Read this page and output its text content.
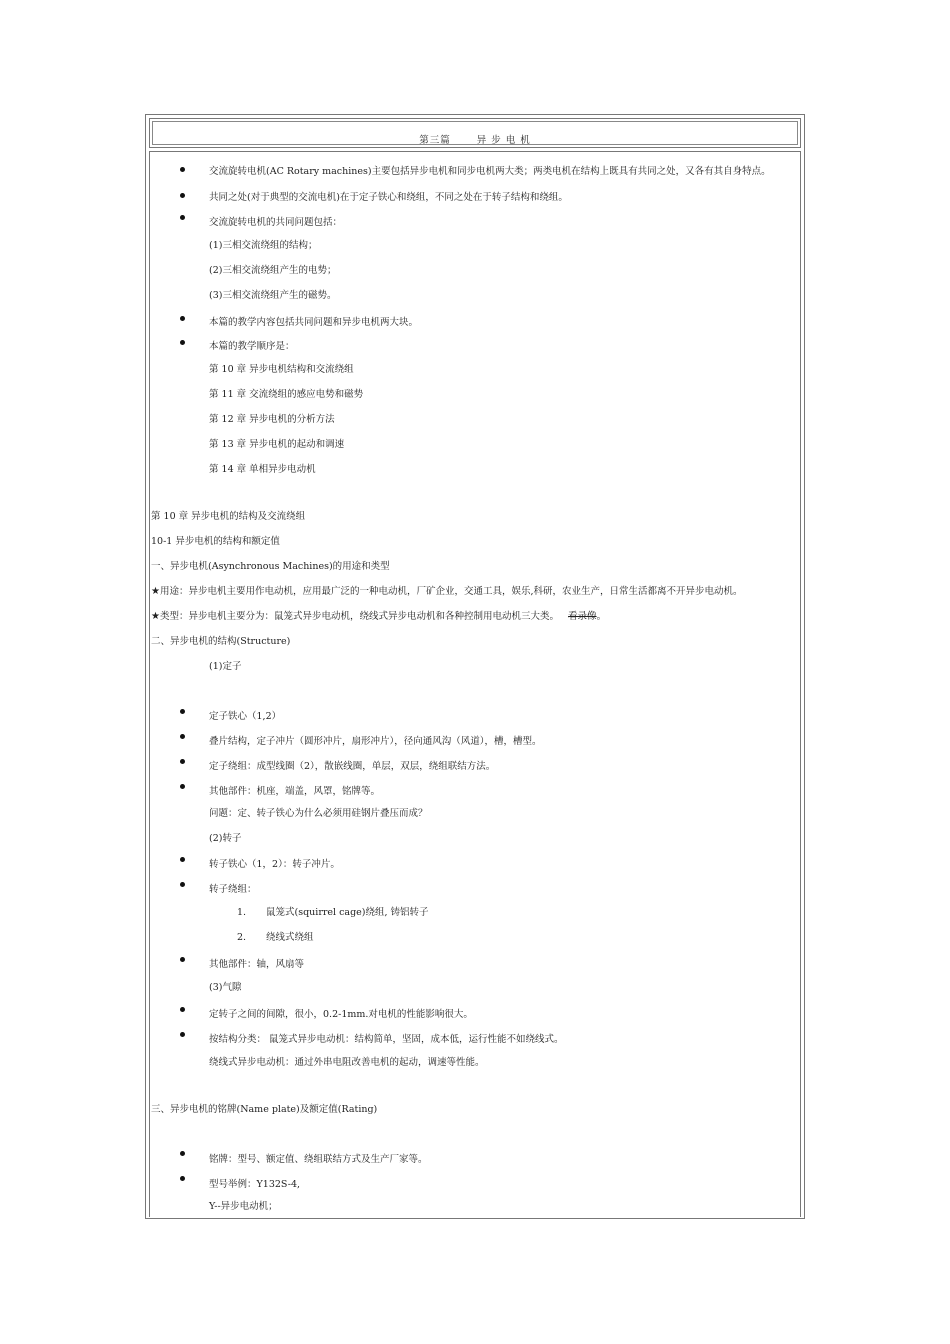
第三篇	异 步 电 机
交流旋转电机(AC Rotary machines)主要包括异步电机和同步电机两大类；两类电机在结构上既具有共同之处，又各有其自身特点。
共同之处(对于典型的交流电机)在于定子铁心和绕组，不同之处在于转子结构和绕组。
交流旋转电机的共同问题包括：
(1)三相交流绕组的结构；
(2)三相交流绕组产生的电势；
(3)三相交流绕组产生的磁势。
本篇的教学内容包括共同问题和异步电机两大块。
本篇的教学顺序是：
第 10 章 异步电机结构和交流绕组
第 11 章 交流绕组的感应电势和磁势
第 12 章 异步电机的分析方法
第 13 章 异步电机的起动和调速
第 14 章 单相异步电动机
第 10 章 异步电机的结构及交流绕组
10-1 异步电机的结构和额定值
一、异步电机(Asynchronous Machines)的用途和类型
★用途：异步电机主要用作电动机，应用最广泛的一种电动机，厂矿企业，交通工具，娱乐,科研，农业生产，日常生活都离不开异步电动机。
★类型：异步电机主要分为：鼠笼式异步电动机，绕线式异步电动机和各种控制用电动机三大类。 看录像。
二、异步电机的结构(Structure)
(1)定子
定子铁心（1,2）
叠片结构，定子冲片（圆形冲片，扇形冲片），径向通风沟（风道），槽，槽型。
定子绕组：成型线圈（2），散嵌线圈，单层，双层，绕组联结方法。
其他部件：机座，端盖，风罩，铭牌等。
问题：定、转子铁心为什么必须用硅钢片叠压而成？
(2)转子
转子铁心（1，2）：转子冲片。
转子绕组：
1. 鼠笼式(squirrel cage)绕组, 铸铝转子
2. 绕线式绕组
其他部件：轴，风扇等
(3)气隙
定转子之间的间隙，很小，0.2-1mm.对电机的性能影响很大。
按结构分类： 鼠笼式异步电动机：结构简单，坚固，成本低，运行性能不如绕线式。
绕线式异步电动机：通过外串电阻改善电机的起动，调速等性能。
三、异步电机的铭牌(Name plate)及额定值(Rating)
铭牌：型号、额定值、绕组联结方式及生产厂家等。
型号举例：Y132S-4,
Y--异步电动机；
